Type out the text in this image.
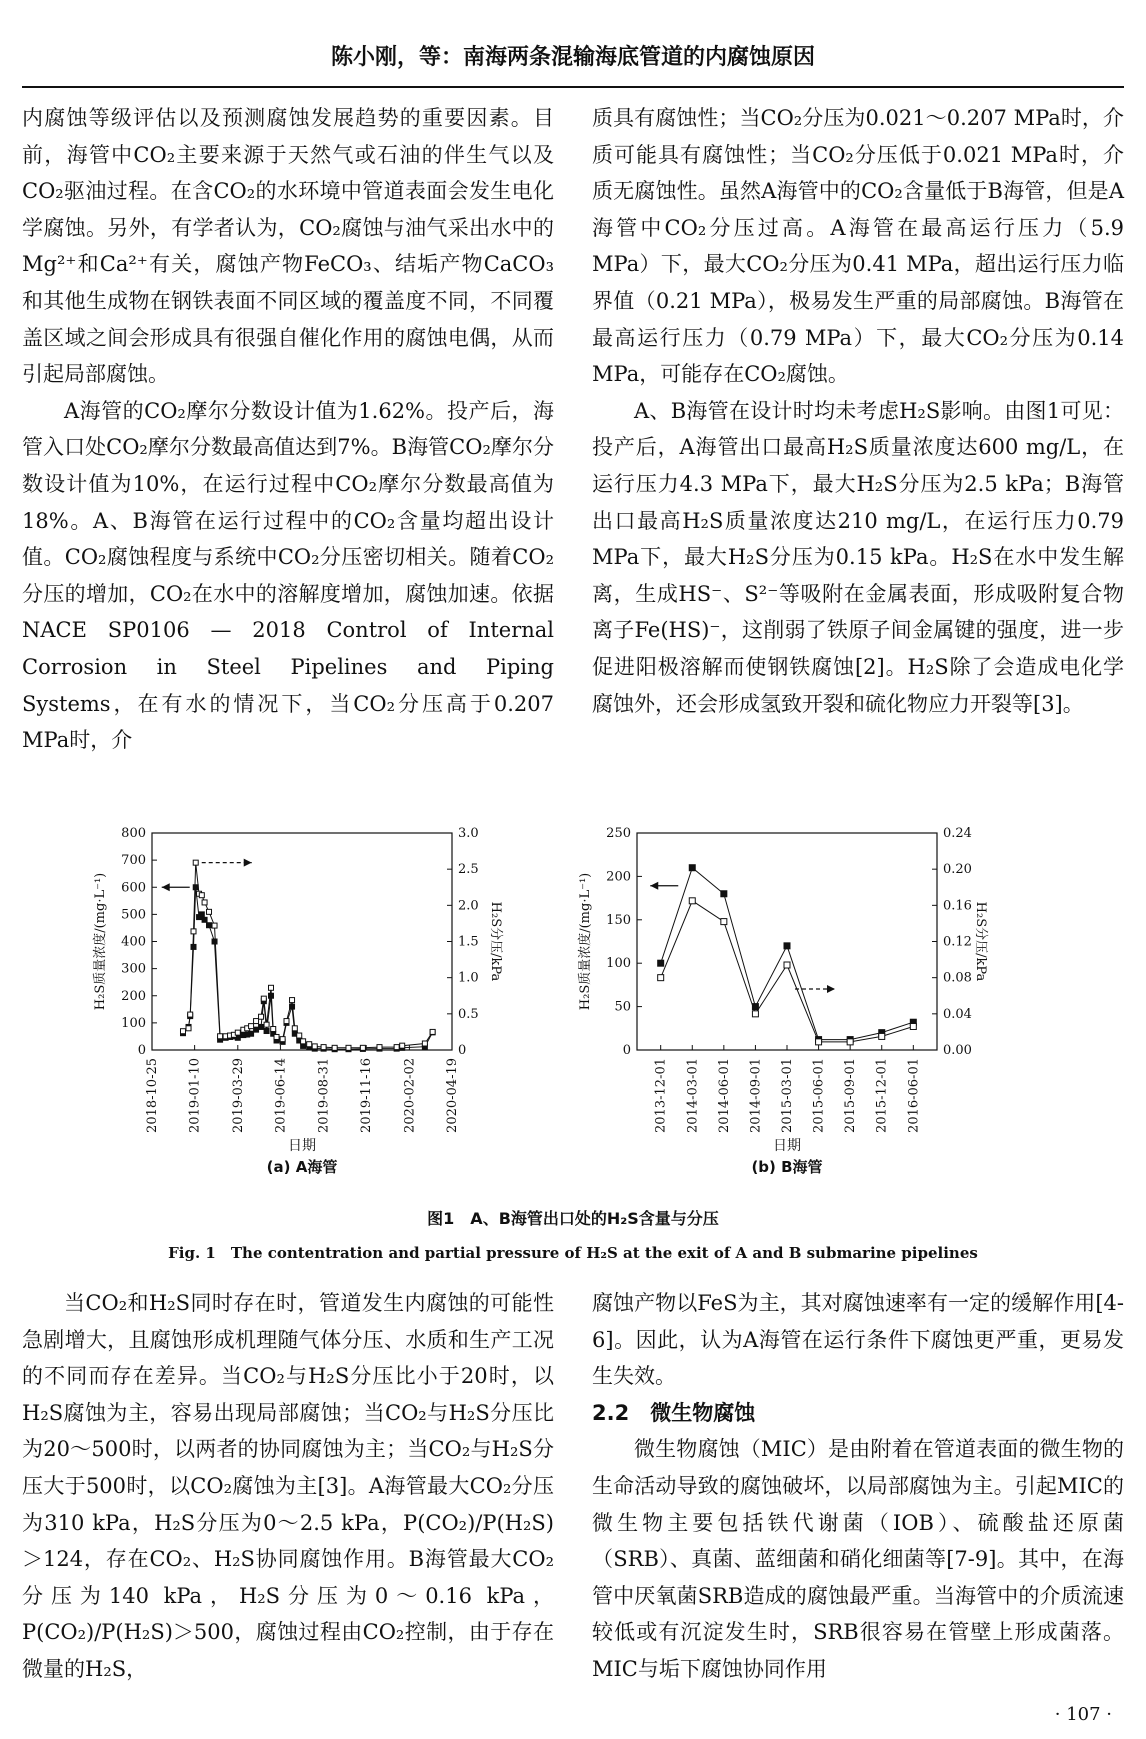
陈小刚，等：南海两条混输海底管道的内腐蚀原因

内腐蚀等级评估以及预测腐蚀发展趋势的重要因素。目前，海管中CO₂主要来源于天然气或石油的伴生气以及CO₂驱油过程。在含CO₂的水环境中管道表面会发生电化学腐蚀。另外，有学者认为，CO₂腐蚀与油气采出水中的Mg²⁺和Ca²⁺有关，腐蚀产物FeCO₃、结垢产物CaCO₃和其他生成物在钢铁表面不同区域的覆盖度不同，不同覆盖区域之间会形成具有很强自催化作用的腐蚀电偶，从而引起局部腐蚀。

A海管的CO₂摩尔分数设计值为1.62%。投产后，海管入口处CO₂摩尔分数最高值达到7%。B海管CO₂摩尔分数设计值为10%，在运行过程中CO₂摩尔分数最高值为18%。A、B海管在运行过程中的CO₂含量均超出设计值。CO₂腐蚀程度与系统中CO₂分压密切相关。随着CO₂分压的增加，CO₂在水中的溶解度增加，腐蚀加速。依据NACE SP0106 — 2018 Control of Internal Corrosion in Steel Pipelines and Piping Systems，在有水的情况下，当CO₂分压高于0.207 MPa时，介

质具有腐蚀性；当CO₂分压为0.021～0.207 MPa时，介质可能具有腐蚀性；当CO₂分压低于0.021 MPa时，介质无腐蚀性。虽然A海管中的CO₂含量低于B海管，但是A海管中CO₂分压过高。A海管在最高运行压力（5.9 MPa）下，最大CO₂分压为0.41 MPa，超出运行压力临界值（0.21 MPa），极易发生严重的局部腐蚀。B海管在最高运行压力（0.79 MPa）下，最大CO₂分压为0.14 MPa，可能存在CO₂腐蚀。

A、B海管在设计时均未考虑H₂S影响。由图1可见：投产后，A海管出口最高H₂S质量浓度达600 mg/L，在运行压力4.3 MPa下，最大H₂S分压为2.5 kPa；B海管出口最高H₂S质量浓度达210 mg/L，在运行压力0.79 MPa下，最大H₂S分压为0.15 kPa。H₂S在水中发生解离，生成HS⁻、S²⁻等吸附在金属表面，形成吸附复合物离子Fe(HS)⁻，这削弱了铁原子间金属键的强度，进一步促进阳极溶解而使钢铁腐蚀[2]。H₂S除了会造成电化学腐蚀外，还会形成氢致开裂和硫化物应力开裂等[3]。

0
100
200
300
400
500
600
700
800
0
0.5
1.0
1.5
2.0
2.5
3.0
2018-10-25 2019-01-10 2019-03-29 2019-06-14 2019-08-31 2019-11-16 2020-02-02 2020-04-19
H₂S质量浓度/(mg·L⁻¹)	H₂S分压/kPa
日期
(a) A海管
0
50
100
150
200
250
0.00
0.04
0.08
0.12
0.16
0.20
0.24
2013-12-01 2014-03-01 2014-06-01 2014-09-01 2015-03-01 2015-06-01 2015-09-01 2015-12-01 2016-06-01
H₂S质量浓度/(mg·L⁻¹)	H₂S分压/kPa
日期
(b) B海管
图1　A、B海管出口处的H₂S含量与分压
Fig. 1　The contentration and partial pressure of H₂S at the exit of A and B submarine pipelines

当CO₂和H₂S同时存在时，管道发生内腐蚀的可能性急剧增大，且腐蚀形成机理随气体分压、水质和生产工况的不同而存在差异。当CO₂与H₂S分压比小于20时，以H₂S腐蚀为主，容易出现局部腐蚀；当CO₂与H₂S分压比为20～500时，以两者的协同腐蚀为主；当CO₂与H₂S分压大于500时，以CO₂腐蚀为主[3]。A海管最大CO₂分压为310 kPa，H₂S分压为0～2.5 kPa，P(CO₂)/P(H₂S)＞124，存在CO₂、H₂S协同腐蚀作用。B海管最大CO₂分压为140 kPa，H₂S分压为0～0.16 kPa，P(CO₂)/P(H₂S)＞500，腐蚀过程由CO₂控制，由于存在微量的H₂S，

腐蚀产物以FeS为主，其对腐蚀速率有一定的缓解作用[4-6]。因此，认为A海管在运行条件下腐蚀更严重，更易发生失效。

2.2　微生物腐蚀

微生物腐蚀（MIC）是由附着在管道表面的微生物的生命活动导致的腐蚀破坏，以局部腐蚀为主。引起MIC的微生物主要包括铁代谢菌（IOB）、硫酸盐还原菌（SRB）、真菌、蓝细菌和硝化细菌等[7-9]。其中，在海管中厌氧菌SRB造成的腐蚀最严重。当海管中的介质流速较低或有沉淀发生时，SRB很容易在管壁上形成菌落。MIC与垢下腐蚀协同作用

· 107 ·
